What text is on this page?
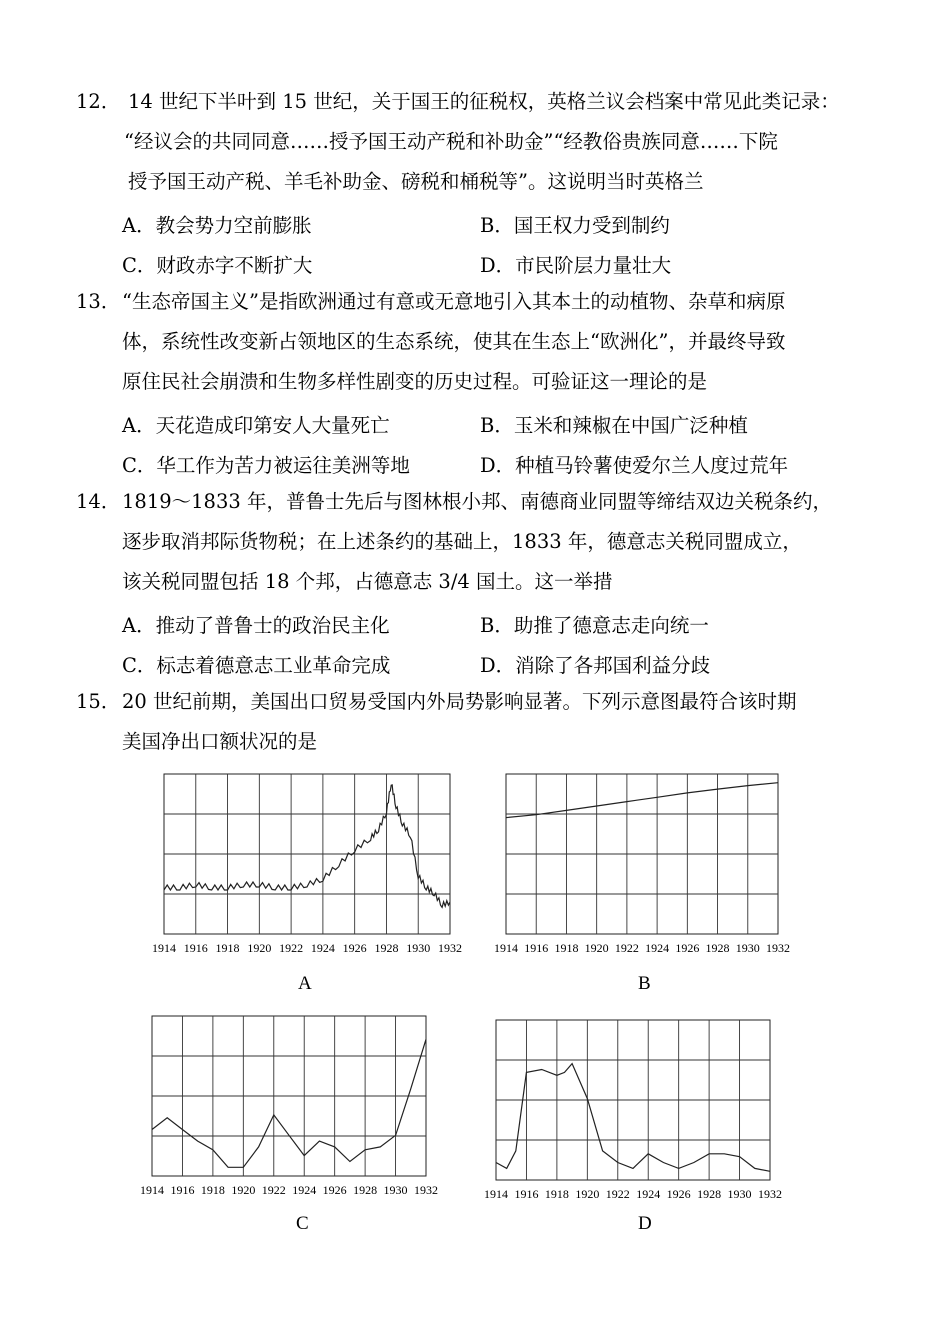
12． 14 世纪下半叶到 15 世纪，关于国王的征税权，英格兰议会档案中常见此类记录：
“经议会的共同同意……授予国王动产税和补助金”“经教俗贵族同意……下院
授予国王动产税、羊毛补助金、磅税和桶税等”。这说明当时英格兰
A．教会势力空前膨胀	B．国王权力受到制约
C．财政赤字不断扩大	D．市民阶层力量壮大
13． “生态帝国主义”是指欧洲通过有意或无意地引入其本土的动植物、杂草和病原
体，系统性改变新占领地区的生态系统，使其在生态上“欧洲化”，并最终导致
原住民社会崩溃和生物多样性剧变的历史过程。可验证这一理论的是
A．天花造成印第安人大量死亡	B．玉米和辣椒在中国广泛种植
C．华工作为苦力被运往美洲等地	D．种植马铃薯使爱尔兰人度过荒年
14． 1819～1833 年，普鲁士先后与图林根小邦、南德商业同盟等缔结双边关税条约，
逐步取消邦际货物税；在上述条约的基础上，1833 年，德意志关税同盟成立，
该关税同盟包括 18 个邦，占德意志 3/4 国土。这一举措
A．推动了普鲁士的政治民主化	B．助推了德意志走向统一
C．标志着德意志工业革命完成	D．消除了各邦国利益分歧
15． 20 世纪前期，美国出口贸易受国内外局势影响显著。下列示意图最符合该时期
美国净出口额状况的是
1914 1916 1918 1920 1922 1924 1926 1928 1930 1932
A
1914 1916 1918 1920 1922 1924 1926 1928 1930 1932
B
1914 1916 1918 1920 1922 1924 1926 1928 1930 1932
C
1914 1916 1918 1920 1922 1924 1926 1928 1930 1932
D
